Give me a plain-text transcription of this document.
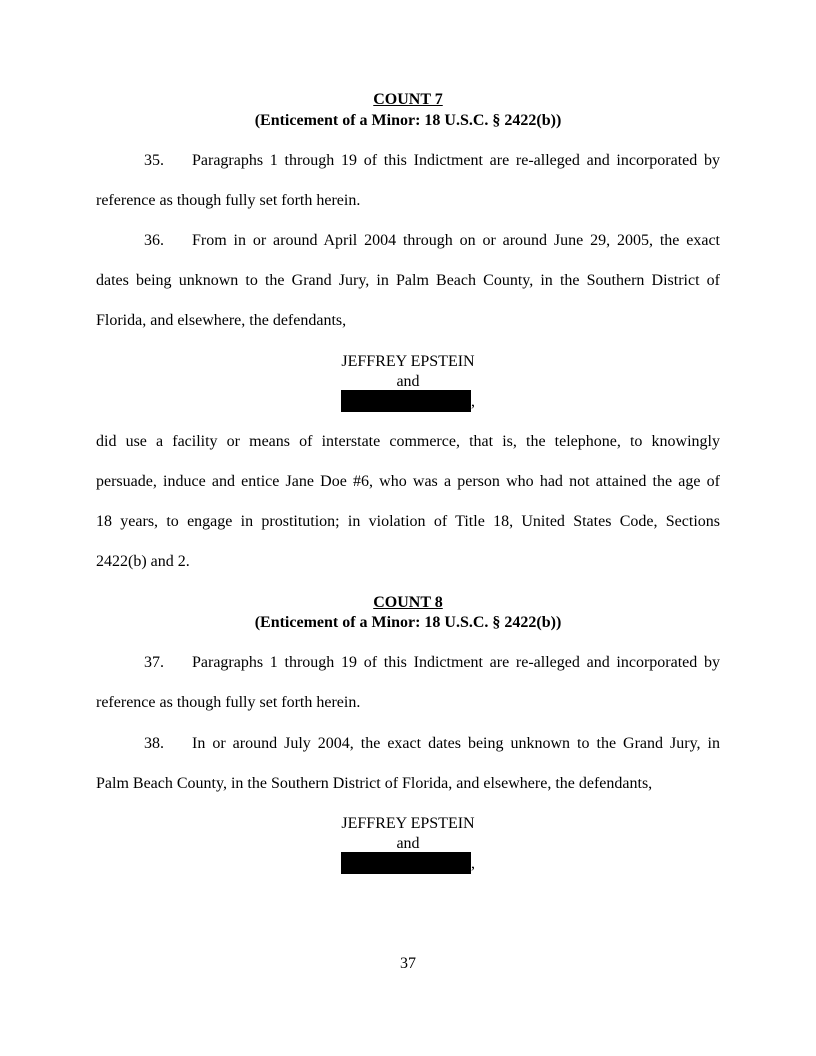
COUNT 7
(Enticement of a Minor: 18 U.S.C. § 2422(b))
35. Paragraphs 1 through 19 of this Indictment are re-alleged and incorporated by
reference as though fully set forth herein.
36. From in or around April 2004 through on or around June 29, 2005, the exact
dates being unknown to the Grand Jury, in Palm Beach County, in the Southern District of
Florida, and elsewhere, the defendants,
JEFFREY EPSTEIN
and
,
did use a facility or means of interstate commerce, that is, the telephone, to knowingly
persuade, induce and entice Jane Doe #6, who was a person who had not attained the age of
18 years, to engage in prostitution; in violation of Title 18, United States Code, Sections
2422(b) and 2.
COUNT 8
(Enticement of a Minor: 18 U.S.C. § 2422(b))
37. Paragraphs 1 through 19 of this Indictment are re-alleged and incorporated by
reference as though fully set forth herein.
38. In or around July 2004, the exact dates being unknown to the Grand Jury, in
Palm Beach County, in the Southern District of Florida, and elsewhere, the defendants,
JEFFREY EPSTEIN
and
,
37
